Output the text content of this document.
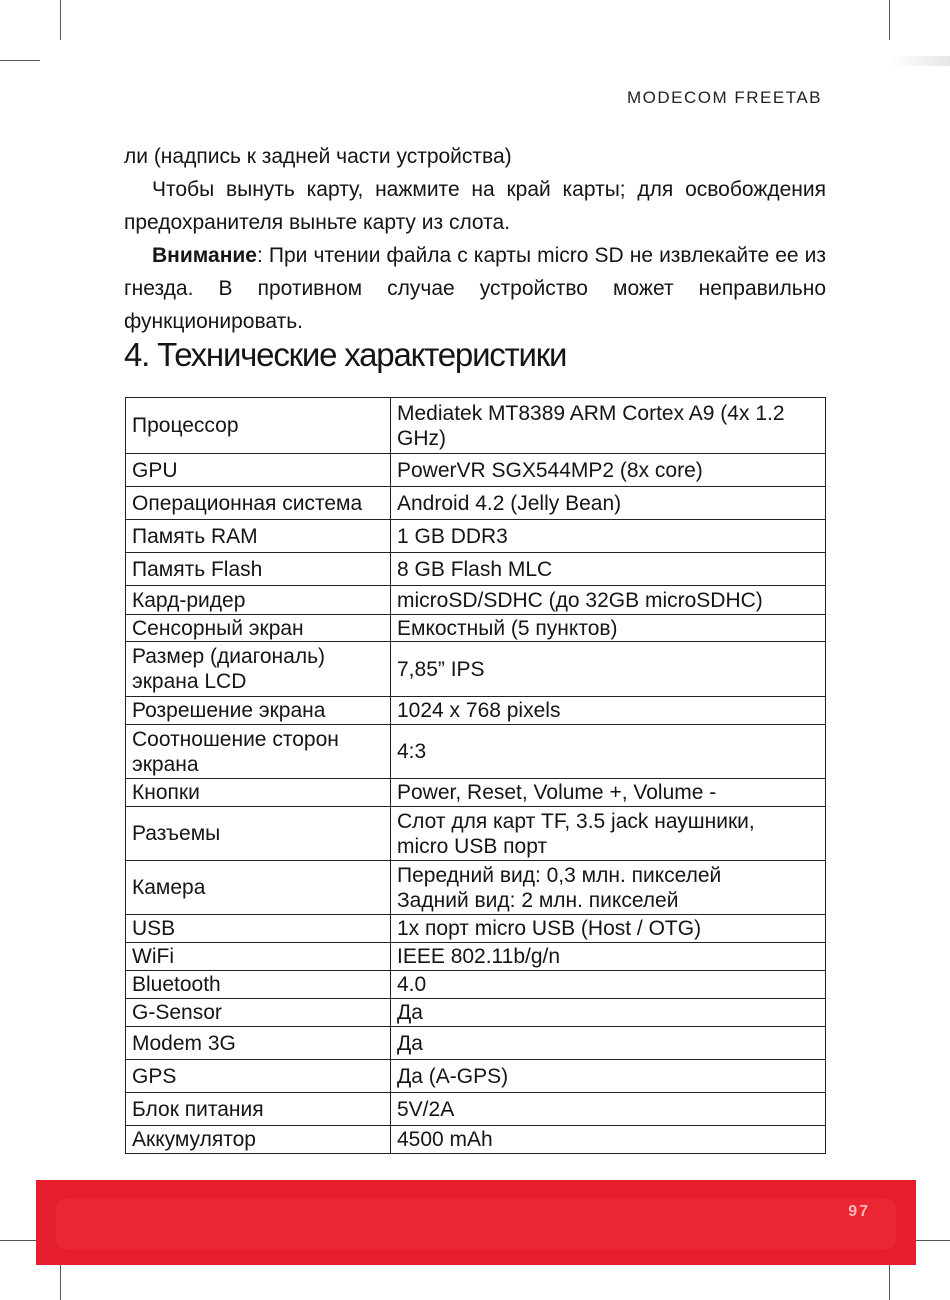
MODECOM FREETAB

ли (надпись к задней части устройства)

Чтобы вынуть карту, нажмите на край карты; для освобождения предохранителя выньте карту из слота.

Внимание: При чтении файла с карты micro SD не извлекайте ее из гнезда. В противном случае устройство может неправильно функционировать.

4. Технические характеристики
Процессор	Mediatek MT8389 ARM Cortex A9 (4x 1.2
GHz)

GPU	PowerVR SGX544MP2 (8x core)

Операционная система	Android 4.2 (Jelly Bean)

Память RAM	1 GB DDR3

Память Flash	8 GB Flash MLC

Кард-ридер	microSD/SDHC (до 32GB microSDHC)

Сенсорный экран	Емкостный (5 пунктов)

Размер (диагональ) экрана LCD	7,85” IPS

Розрешение экрана	1024 x 768 pixels

Соотношение сторон экрана	4:3

Кнопки	Power, Reset, Volume +, Volume -

Разъемы	Слот для карт TF, 3.5 jack наушники,
micro USB порт

Камера	Передний вид: 0,3 млн. пикселей
Задний вид: 2 млн. пикселей

USB	1x порт micro USB (Host / OTG)

WiFi	IEEE 802.11b/g/n

Bluetooth	4.0

G-Sensor	Да

Modem 3G	Да

GPS	Да (A-GPS)

Блок питания	5V/2A

Аккумулятор	4500 mAh
97
